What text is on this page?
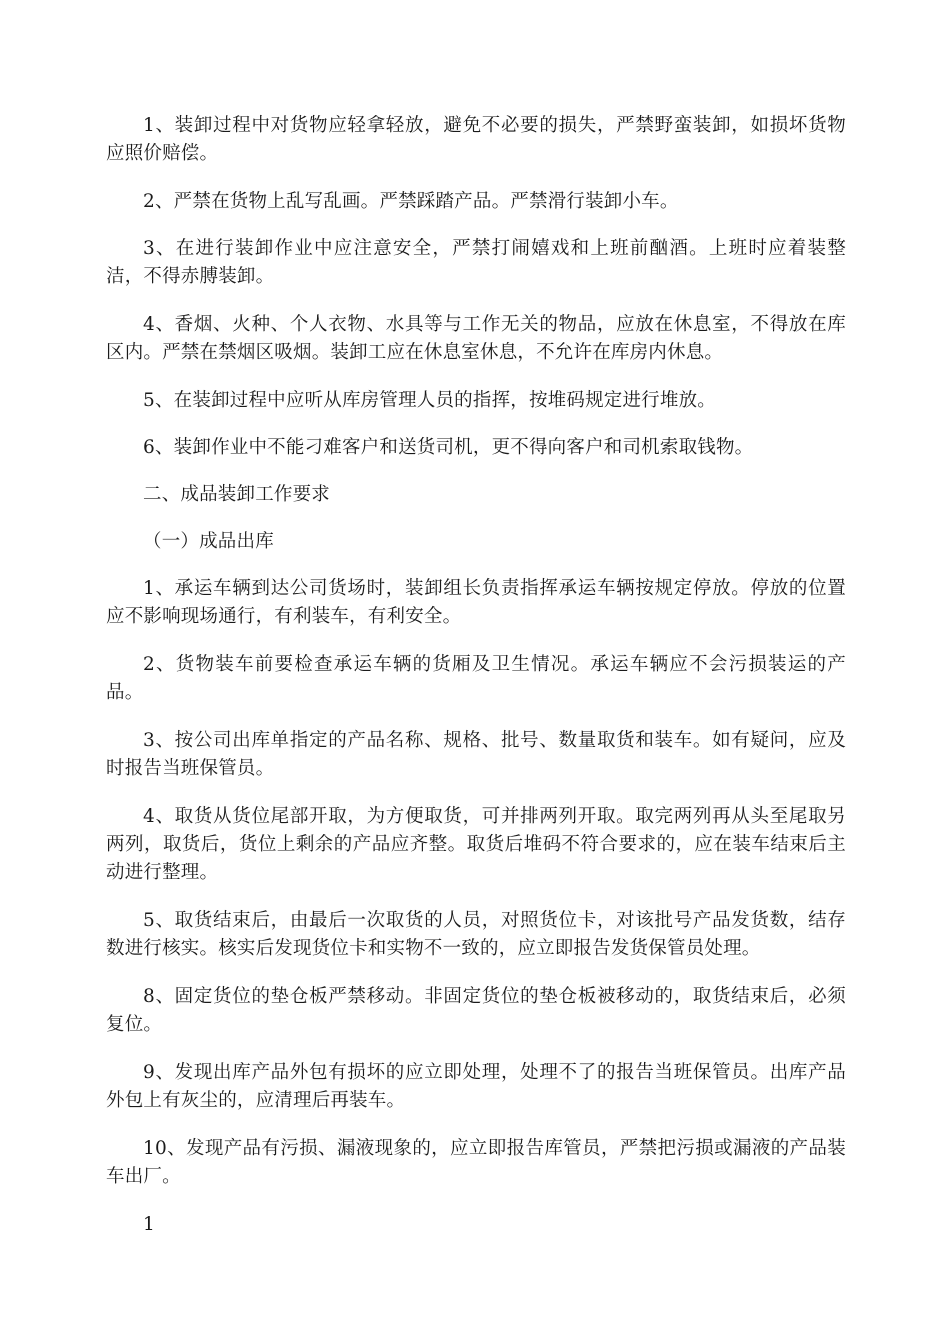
1、装卸过程中对货物应轻拿轻放，避免不必要的损失，严禁野蛮装卸，如损坏货物应照价赔偿。

2、严禁在货物上乱写乱画。严禁踩踏产品。严禁滑行装卸小车。

3、在进行装卸作业中应注意安全，严禁打闹嬉戏和上班前酗酒。上班时应着装整洁，不得赤膊装卸。

4、香烟、火种、个人衣物、水具等与工作无关的物品，应放在休息室，不得放在库区内。严禁在禁烟区吸烟。装卸工应在休息室休息，不允许在库房内休息。

5、在装卸过程中应听从库房管理人员的指挥，按堆码规定进行堆放。

6、装卸作业中不能刁难客户和送货司机，更不得向客户和司机索取钱物。

二、成品装卸工作要求

（一）成品出库

1、承运车辆到达公司货场时，装卸组长负责指挥承运车辆按规定停放。停放的位置应不影响现场通行，有利装车，有利安全。

2、货物装车前要检查承运车辆的货厢及卫生情况。承运车辆应不会污损装运的产品。

3、按公司出库单指定的产品名称、规格、批号、数量取货和装车。如有疑问，应及时报告当班保管员。

4、取货从货位尾部开取，为方便取货，可并排两列开取。取完两列再从头至尾取另两列，取货后，货位上剩余的产品应齐整。取货后堆码不符合要求的，应在装车结束后主动进行整理。

5、取货结束后，由最后一次取货的人员，对照货位卡，对该批号产品发货数，结存数进行核实。核实后发现货位卡和实物不一致的，应立即报告发货保管员处理。

8、固定货位的垫仓板严禁移动。非固定货位的垫仓板被移动的，取货结束后，必须复位。

9、发现出库产品外包有损坏的应立即处理，处理不了的报告当班保管员。出库产品外包上有灰尘的，应清理后再装车。

10、发现产品有污损、漏液现象的，应立即报告库管员，严禁把污损或漏液的产品装车出厂。

1
